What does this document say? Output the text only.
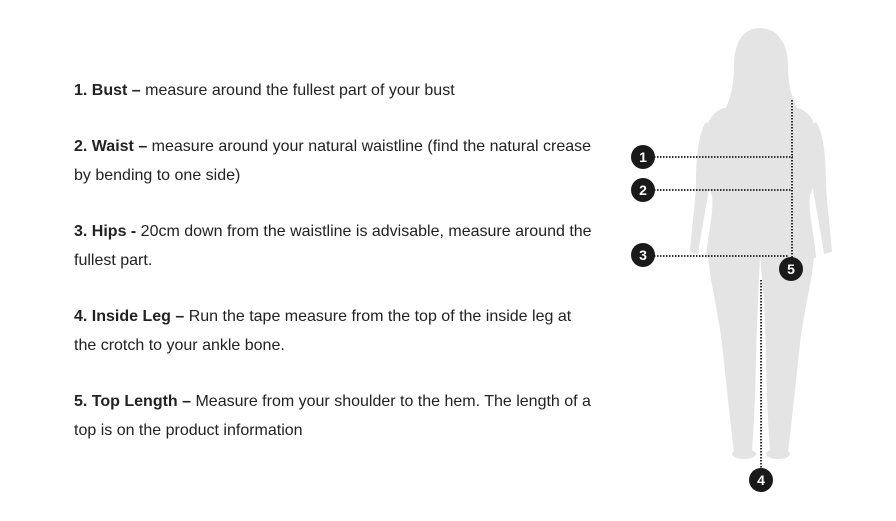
1. Bust – measure around the fullest part of your bust

2. Waist – measure around your natural waistline (find the natural crease by bending to one side)

3. Hips - 20cm down from the waistline is advisable, measure around the fullest part.

4. Inside Leg – Run the tape measure from the top of the inside leg at the crotch to your ankle bone.

5. Top Length – Measure from your shoulder to the hem. The length of a top is on the product information

1
2
3
4
5
